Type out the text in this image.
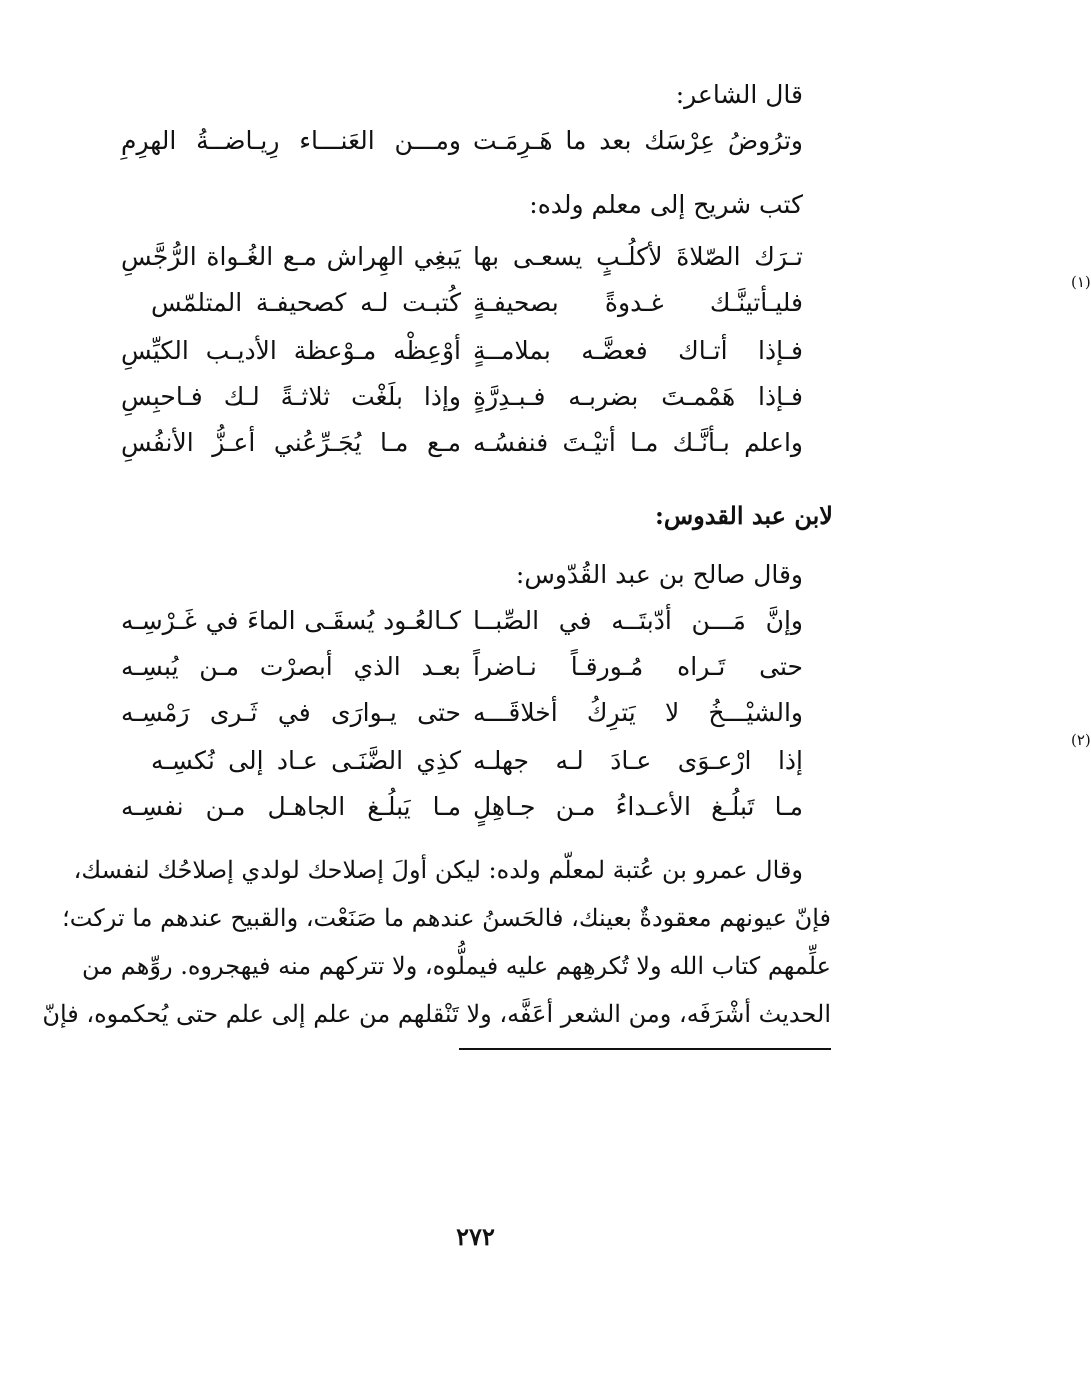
قال الشاعر:
وترُوضُ عِرْسَك بعد ما هَـرِمَـت
ومـــن العَنـــاء رِيـاضــةُ الهرِمِ
كتب شريح إلى معلم ولده:
تـرَك الصّلاةَ لأكلُـبٍ يسعـى بها
يَبغِي الهِراش مـع الغُـواة الرُّجَّسِ
فليـأتينَّـك غـدوةً بصحيفـةٍ
كُتبـت لـه كصحيفـة المتلمّس
(١)
فـإذا أتـاك فعضَّـه بملامــةٍ
أوْعِظْه مـوْعظة الأديـب الكيِّسِ
فـإذا هَمْمـتَ بضربـه فـبـدِرَّةٍ
وإذا بلَغْت ثلاثـةً لـك فـاحبِسِ
واعلم بـأنَّـك مـا أتيْـتَ فنفسُـه
مـع مـا يُجَـرِّعُني أعـزُّ الأنفُسِ
لابن عبد القدوس:
وقال صالح بن عبد القُدّوس:
وإنَّ مَـــن أدّبتَــه في الصِّبــا
كـالعُـود يُسقَـى الماءَ في غَـرْسِـه
حتى تَـراه مُـورقـاً نـاضراً
بعـد الذي أبصرْت مـن يُبسِـه
والشيْـــخُ لا يَترِكُ أخلاقَـــه
حتى يـوارَى في ثَـرى رَمْسِـه
إذا ارْعـوَى عـادَ لـه جهلـه
كذِي الضَّنَـى عـاد إلى نُكسِـه
(٢)
مـا تَبلُـغ الأعـداءُ مـن جـاهِلٍ
مـا يَبلُـغ الجاهـل مـن نفسِـه
وقال عمرو بن عُتبة لمعلّم ولده: ليكن أولَ إصلاحك لولدي إصلاحُك لنفسك،
فإنّ عيونهم معقودةٌ بعينك، فالحَسنُ عندهم ما صَنَعْت، والقبيح عندهم ما تركت؛
علِّمهم كتاب الله ولا تُكرهِهم عليه فيملُّوه، ولا تتركهم منه فيهجروه. روِّهم من
الحديث أشْرَفَه، ومن الشعر أعَفَّه، ولا تَنْقلهم من علم إلى علم حتى يُحكموه، فإنّ
٢٧٢
